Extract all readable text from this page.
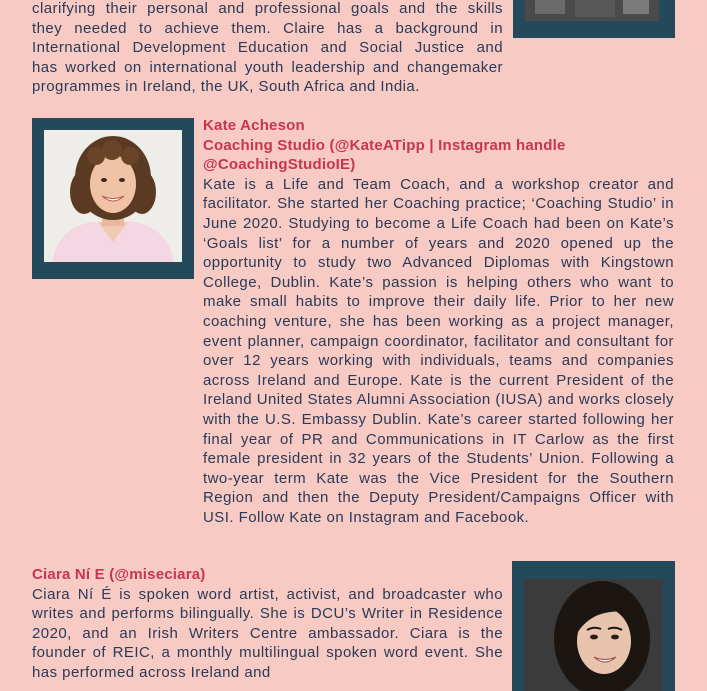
clarifying their personal and professional goals and the skills

they needed to achieve them. Claire has a background in

International Development Education and Social Justice and

has worked on international youth leadership and changemaker

programmes in Ireland, the UK, South Africa and India.

Kate Acheson

Coaching Studio (@KateATipp | Instagram handle

@CoachingStudioIE)

Kate is a Life and Team Coach, and a workshop creator and facilitator. She started her Coaching practice; ‘Coaching Studio’ in June 2020. Studying to become a Life Coach had been on Kate’s ‘Goals list’ for a number of years and 2020 opened up the opportunity to study two Advanced Diplomas with Kingstown College, Dublin. Kate’s passion is helping others who want to make small habits to improve their daily life. Prior to her new coaching venture, she has been working as a project manager, event planner, campaign coordinator, facilitator and consultant for over 12 years working with individuals, teams and companies across Ireland and Europe. Kate is the current President of the Ireland United States Alumni Association (IUSA) and works closely with the U.S. Embassy Dublin. Kate’s career started following her final year of PR and Communications in IT Carlow as the first female president in 32 years of the Students’ Union. Following a two-year term Kate was the Vice President for the Southern Region and then the Deputy President/Campaigns Officer with USI. Follow Kate on Instagram and Facebook.

Ciara Ní E (@miseciara)

Ciara Ní É is spoken word artist, activist, and broadcaster who writes and performs bilingually. She is DCU’s Writer in Residence 2020, and an Irish Writers Centre ambassador. Ciara is the founder of REIC, a monthly multilingual spoken word event. She has performed across Ireland and
